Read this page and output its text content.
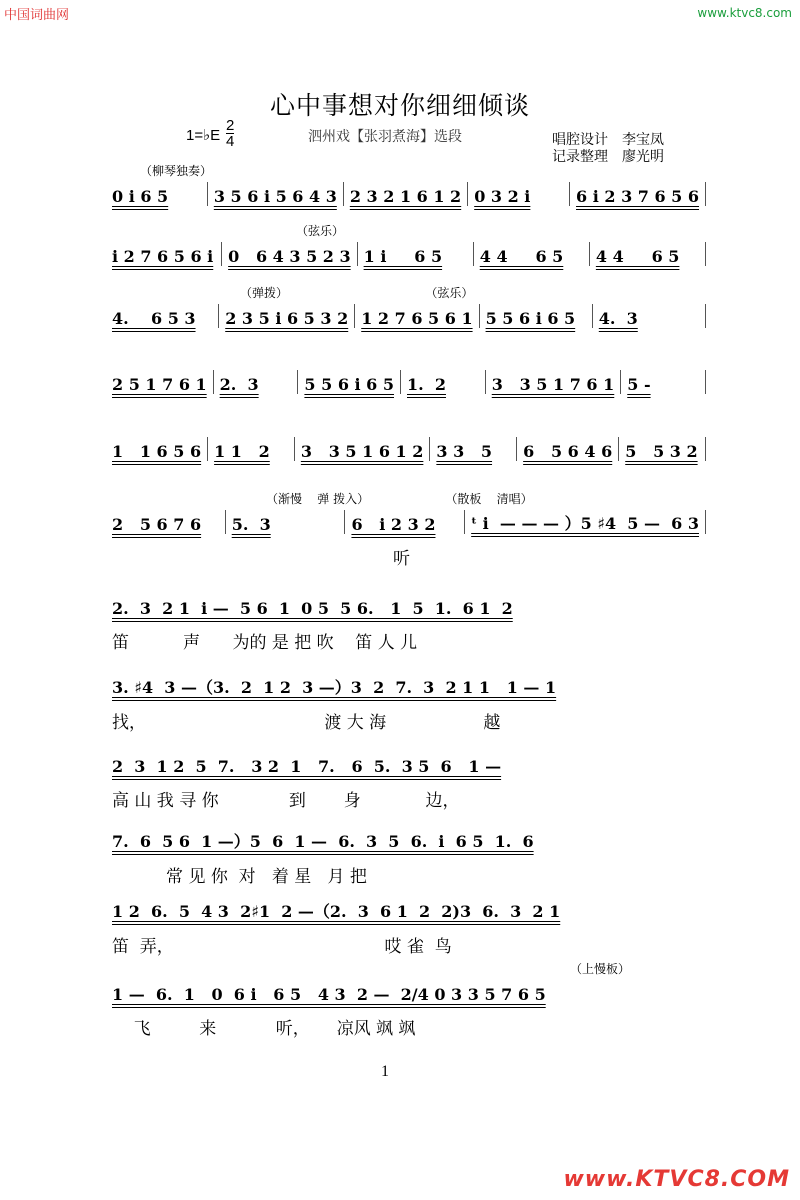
中国词曲网	www.ktvc8.com
心中事想对你细细倾谈
1=♭E
2
4	泗州戏【张羽煮海】选段	唱腔设计 李宝凤
记录整理 廖光明
0 i 6 5	3 5 6 i 5 6 4 3 2 3 2 1 6 1 2 0 3 2 i	6 i 2 3 7 6 5 6
（柳琴独奏）
i 2 7 6 5 6 i 0   6 4 3 5 2 3 1 i     6 5	4 4     6 5	4 4     6 5
（弦乐）
4.    6 5 3	2 3 5 i 6 5 3 2 1 2 7 6 5 6 1 5 5 6 i 6 5	4.  3
（弹拨）                                    （弦乐）
2 5 1 7 6 1 2.  3	5 5 6 i 6 5 1.  2	3   3 5 1 7 6 1 5 -
1   1 6 5 6 1 1   2	3   3 5 1 6 1 2 3 3   5	6   5 6 4 6 5   5 3 2
2   5 6 7 6	5.  3	6   i 2 3 2	ᵗ i  — — — ）5 ♯4  5 —  6 3
（渐慢    弹 拨入）                    （散板    清唱）
2.  3  2 1  i —  5 6  1  0 5  5 6.   1  5  1.  6 1  2
3. ♯4  3 —（3.  2  1 2  3 —）3  2  7.  3  2 1 1   1 — 1
2  3  1 2  5  7.   3 2  1   7.   6  5.  3 5  6   1 —
7.  6  5 6  1 —）5  6  1 —  6.  3  5  6.  i  6 5  1.  6
1 2  6.  5  4 3  2♯1  2 —（2.  3  6 1  2  2)3  6.  3  2 1
1 —  6.  1   0  6 i   6 5   4 3  2 —  2/4 0 3 3 5 7 6 5
（上慢板）
听
笛          声      为的 是 把 吹    笛 人 儿
找，                                 渡 大 海                  越
高 山 我 寻 你             到       身            边，
常 见 你  对   着 星   月 把
笛  弄，                                       哎 雀  鸟
飞         来           听，     凉风 飒 飒
1
www.KTVC8.COM
